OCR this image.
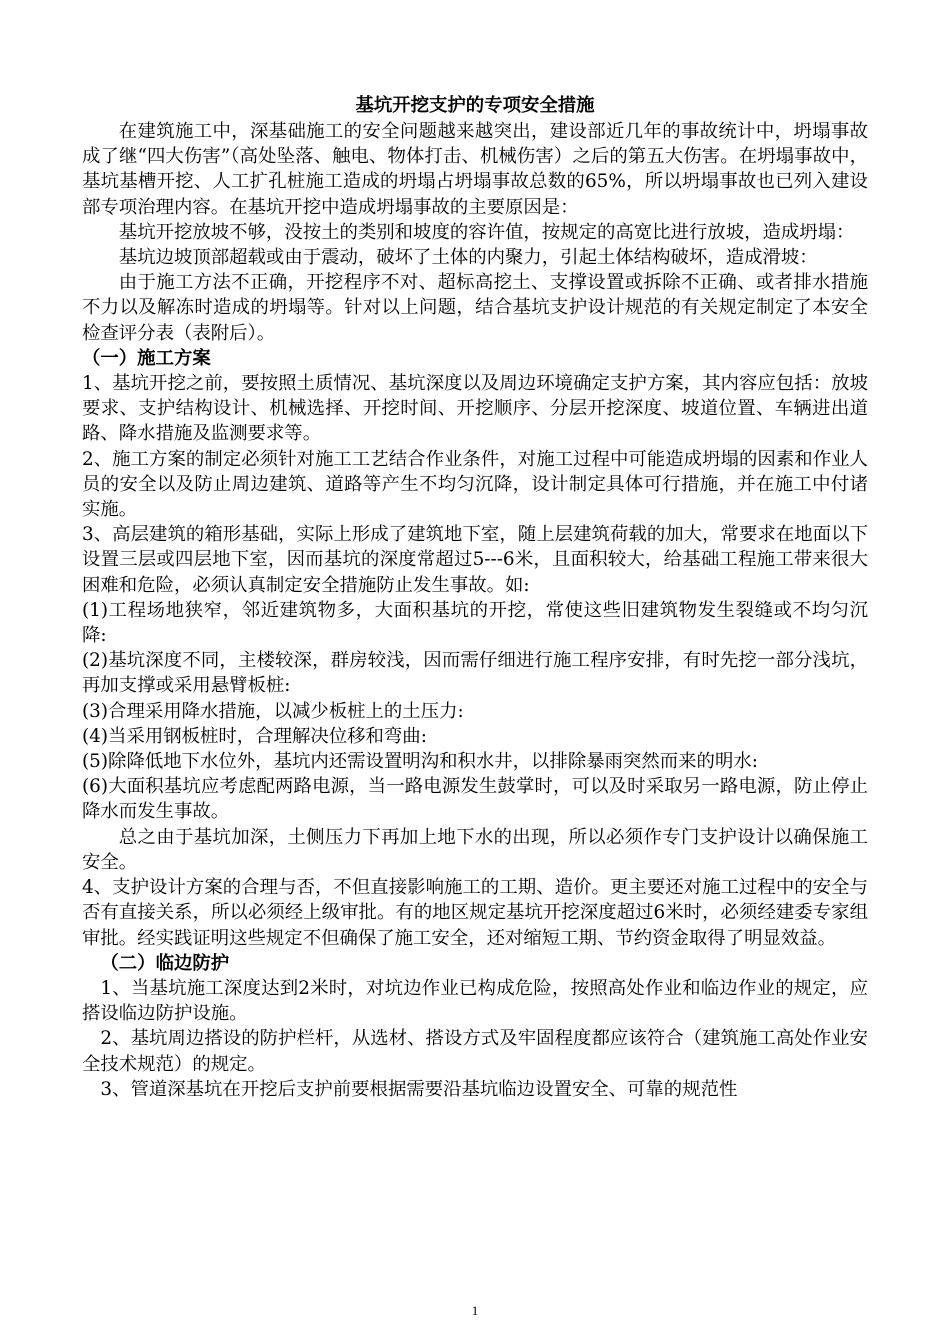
基坑开挖支护的专项安全措施

在建筑施工中，深基础施工的安全问题越来越突出，建设部近几年的事故统计中，坍塌事故成了继“四大伤害”（高处坠落、触电、物体打击、机械伤害）之后的第五大伤害。在坍塌事故中，基坑基槽开挖、人工扩孔桩施工造成的坍塌占坍塌事故总数的65%，所以坍塌事故也已列入建设部专项治理内容。在基坑开挖中造成坍塌事故的主要原因是：

基坑开挖放坡不够，没按土的类别和坡度的容许值，按规定的高宽比进行放坡，造成坍塌：

基坑边坡顶部超载或由于震动，破坏了土体的内聚力，引起土体结构破坏，造成滑坡：

由于施工方法不正确，开挖程序不对、超标高挖土、支撑设置或拆除不正确、或者排水措施不力以及解冻时造成的坍塌等。针对以上问题，结合基坑支护设计规范的有关规定制定了本安全检查评分表（表附后）。

（一）施工方案

1、基坑开挖之前，要按照土质情况、基坑深度以及周边环境确定支护方案，其内容应包括：放坡要求、支护结构设计、机械选择、开挖时间、开挖顺序、分层开挖深度、坡道位置、车辆进出道路、降水措施及监测要求等。

2、施工方案的制定必须针对施工工艺结合作业条件，对施工过程中可能造成坍塌的因素和作业人员的安全以及防止周边建筑、道路等产生不均匀沉降，设计制定具体可行措施，并在施工中付诸实施。

3、高层建筑的箱形基础，实际上形成了建筑地下室，随上层建筑荷载的加大，常要求在地面以下设置三层或四层地下室，因而基坑的深度常超过5---6米，且面积较大，给基础工程施工带来很大困难和危险，必须认真制定安全措施防止发生事故。如:

(1)工程场地狭窄，邻近建筑物多，大面积基坑的开挖，常使这些旧建筑物发生裂缝或不均匀沉降:

(2)基坑深度不同，主楼较深，群房较浅，因而需仔细进行施工程序安排，有时先挖一部分浅坑，再加支撑或采用悬臂板桩:

(3)合理采用降水措施，以减少板桩上的土压力:

(4)当采用钢板桩时，合理解决位移和弯曲:

(5)除降低地下水位外，基坑内还需设置明沟和积水井，以排除暴雨突然而来的明水:

(6)大面积基坑应考虑配两路电源，当一路电源发生鼓掌时，可以及时采取另一路电源，防止停止降水而发生事故。

总之由于基坑加深，土侧压力下再加上地下水的出现，所以必须作专门支护设计以确保施工安全。

4、支护设计方案的合理与否，不但直接影响施工的工期、造价。更主要还对施工过程中的安全与否有直接关系，所以必须经上级审批。有的地区规定基坑开挖深度超过6米时，必须经建委专家组审批。经实践证明这些规定不但确保了施工安全，还对缩短工期、节约资金取得了明显效益。

（二）临边防护

1、当基坑施工深度达到2米时，对坑边作业已构成危险，按照高处作业和临边作业的规定，应搭设临边防护设施。

2、基坑周边搭设的防护栏杆，从选材、搭设方式及牢固程度都应该符合（建筑施工高处作业安全技术规范）的规定。

3、管道深基坑在开挖后支护前要根据需要沿基坑临边设置安全、可靠的规范性

1
